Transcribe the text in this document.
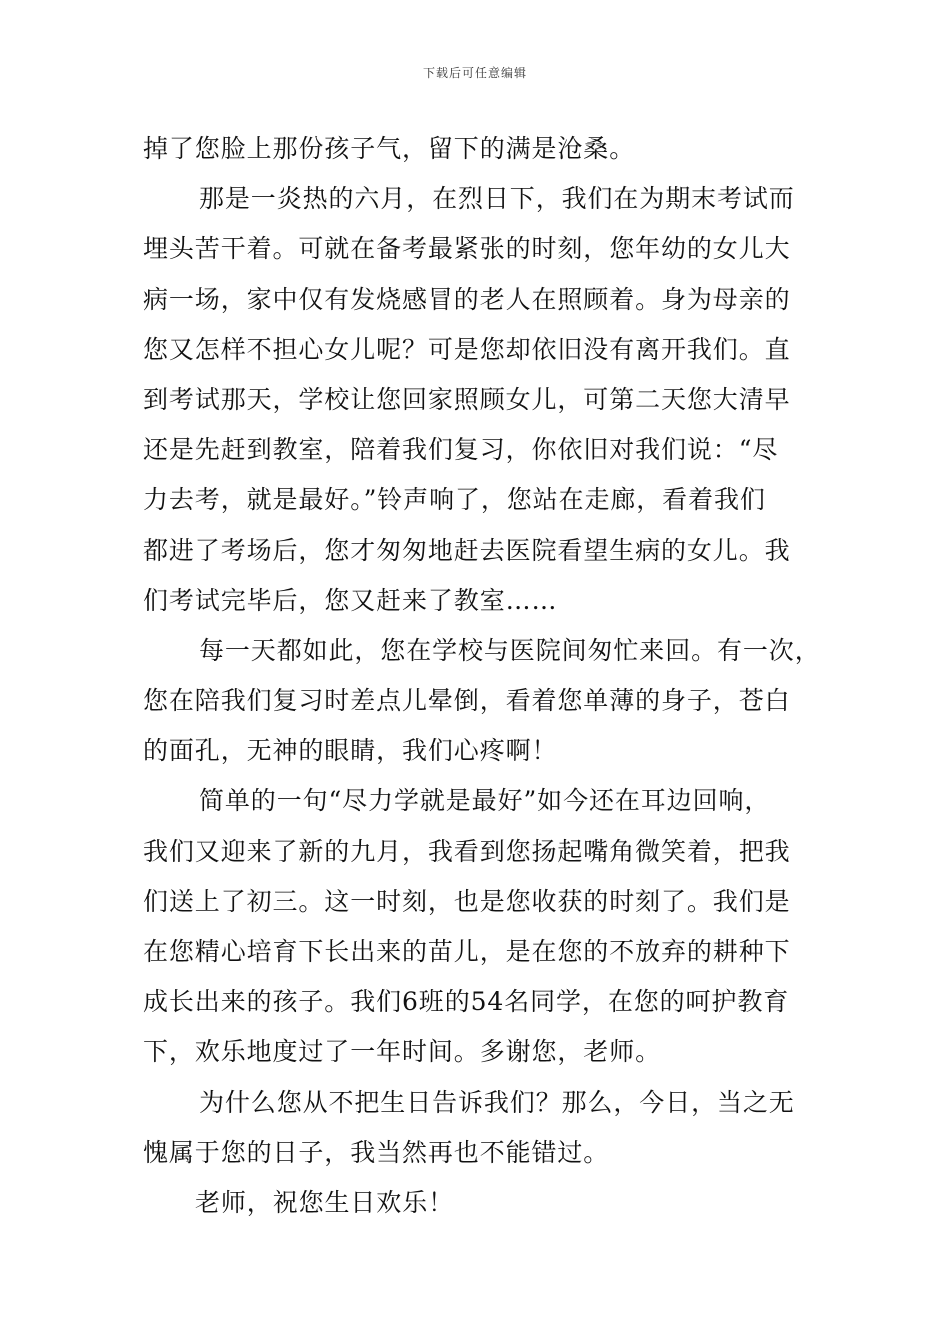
下载后可任意编辑
掉了您脸上那份孩子气，留下的满是沧桑。
那是一炎热的六月，在烈日下，我们在为期末考试而
埋头苦干着。可就在备考最紧张的时刻，您年幼的女儿大
病一场，家中仅有发烧感冒的老人在照顾着。身为母亲的
您又怎样不担心女儿呢？可是您却依旧没有离开我们。直
到考试那天，学校让您回家照顾女儿，可第二天您大清早
还是先赶到教室，陪着我们复习，你依旧对我们说：“尽
力去考，就是最好。”铃声响了，您站在走廊，看着我们
都进了考场后，您才匆匆地赶去医院看望生病的女儿。我
们考试完毕后，您又赶来了教室……
每一天都如此，您在学校与医院间匆忙来回。有一次，
您在陪我们复习时差点儿晕倒，看着您单薄的身子，苍白
的面孔，无神的眼睛，我们心疼啊！
简单的一句“尽力学就是最好”如今还在耳边回响，
我们又迎来了新的九月，我看到您扬起嘴角微笑着，把我
们送上了初三。这一时刻，也是您收获的时刻了。我们是
在您精心培育下长出来的苗儿，是在您的不放弃的耕种下
成长出来的孩子。我们6班的54名同学，在您的呵护教育
下，欢乐地度过了一年时间。多谢您，老师。
为什么您从不把生日告诉我们？那么，今日，当之无
愧属于您的日子，我当然再也不能错过。
老师，祝您生日欢乐！
